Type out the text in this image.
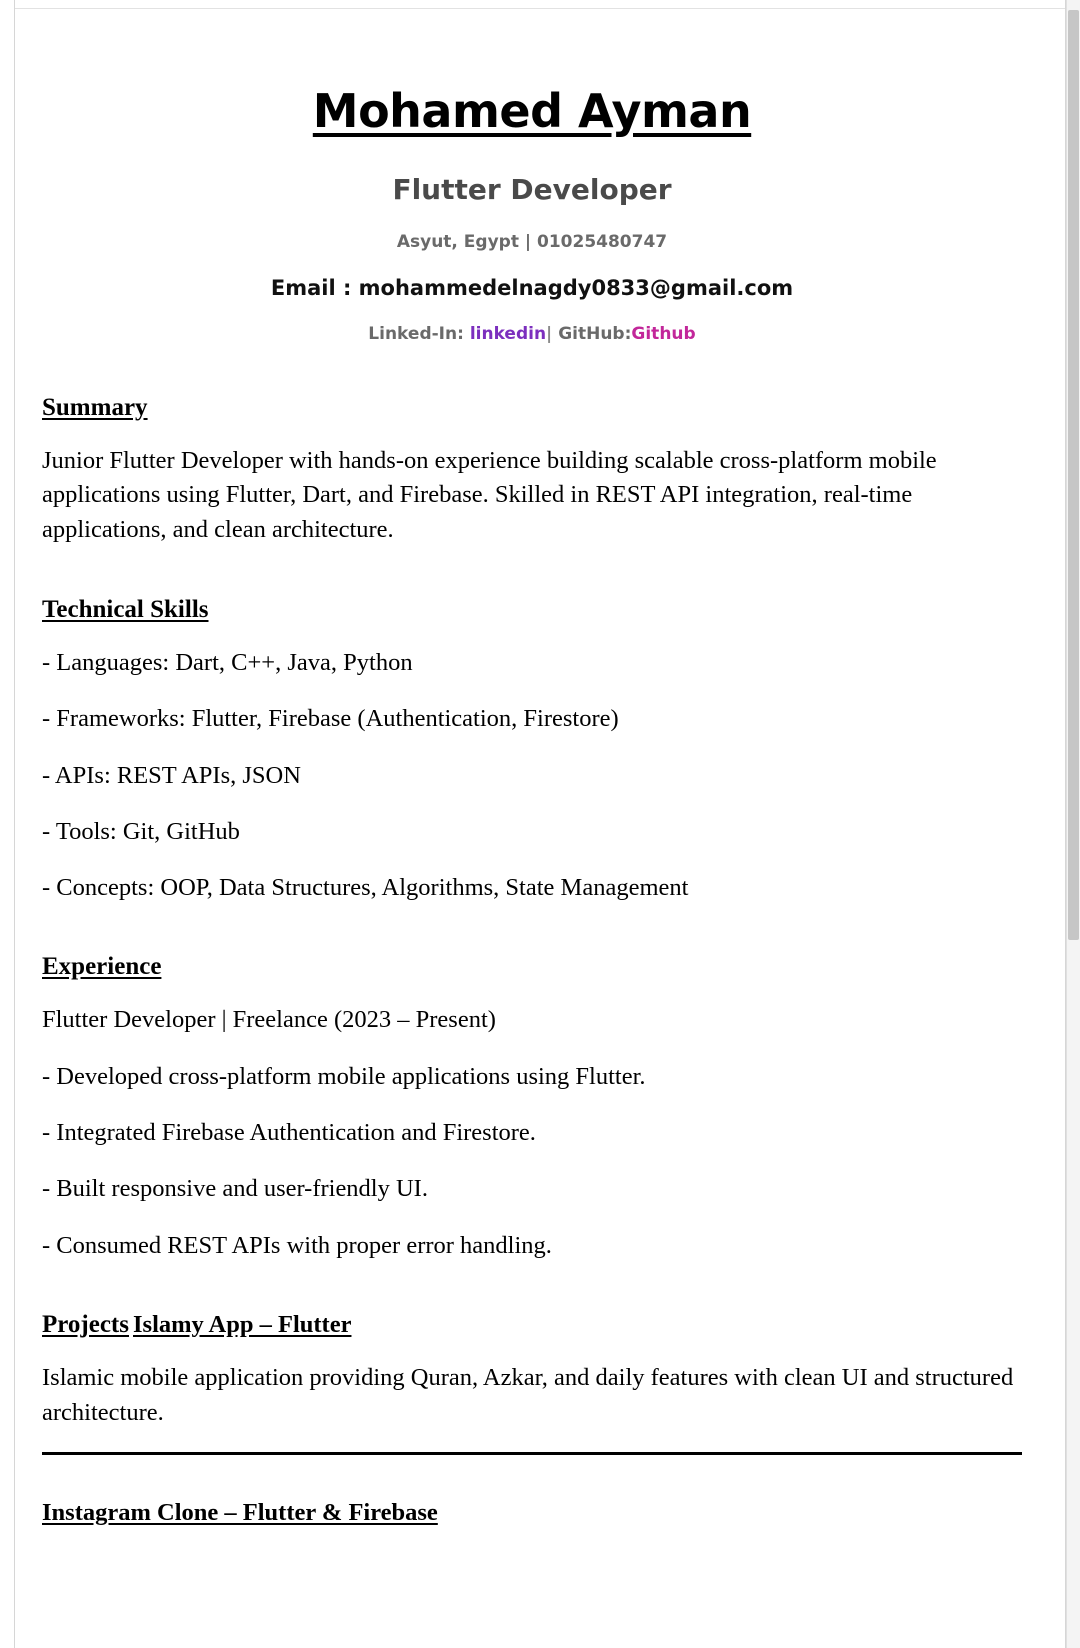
Mohamed Ayman
Flutter Developer
Asyut, Egypt | 01025480747
Email : mohammedelnagdy0833@gmail.com
Linked-In: linkedin| GitHub:Github
Summary

Junior Flutter Developer with hands-on experience building scalable cross-platform mobile applications using Flutter, Dart, and Firebase. Skilled in REST API integration, real-time applications, and clean architecture.

Technical Skills

- Languages: Dart, C++, Java, Python

- Frameworks: Flutter, Firebase (Authentication, Firestore)

- APIs: REST APIs, JSON

- Tools: Git, GitHub

- Concepts: OOP, Data Structures, Algorithms, State Management

Experience

Flutter Developer | Freelance (2023 – Present)

- Developed cross-platform mobile applications using Flutter.

- Integrated Firebase Authentication and Firestore.

- Built responsive and user-friendly UI.

- Consumed REST APIs with proper error handling.

Projects Islamy App – Flutter

Islamic mobile application providing Quran, Azkar, and daily features with clean UI and structured architecture.

Instagram Clone – Flutter & Firebase
